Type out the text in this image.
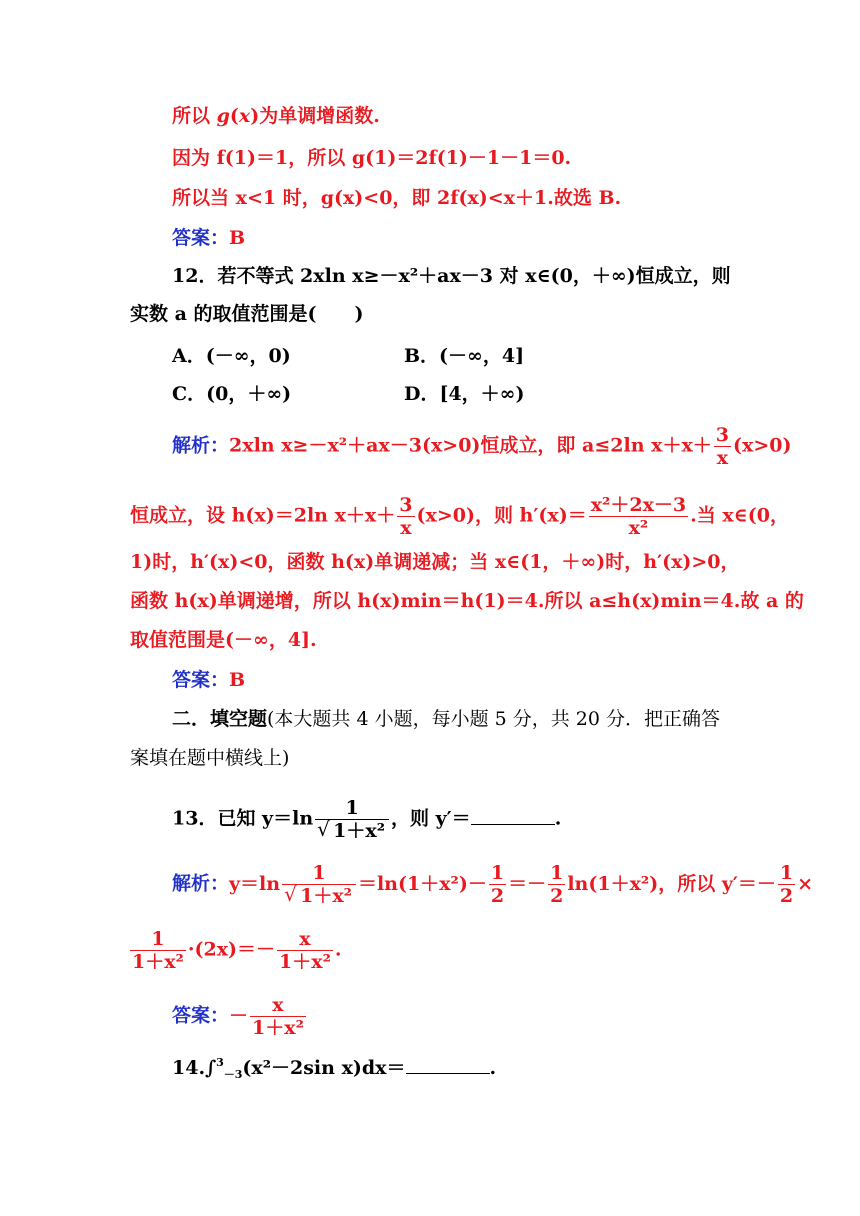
所以 g(x)为单调增函数.
因为 f(1)＝1，所以 g(1)＝2f(1)－1－1＝0.
所以当 x<1 时，g(x)<0，即 2f(x)<x＋1.故选 B.
答案：B
12．若不等式 2xln x≥－x²＋ax－3 对 x∈(0，＋∞)恒成立，则
实数 a 的取值范围是(　　)
A．(－∞，0)	B．(－∞，4]
C．(0，＋∞)	D．[4，＋∞)
解析：2xln x≥－x²＋ax－3(x>0)恒成立，即 a≤2ln $x+x+ \frac{3}{x} (x>0)$
恒成立，设 h(x)＝2ln $x+x+ \frac{3}{x} (x>0)$，则 $h'(x)= \frac{\text{x²＋2x－3}}{\text{x²}}$ .当 x∈(0，
1)时，h′(x)<0，函数 h(x)单调递减；当 x∈(1，＋∞)时，h′(x)>0，
函数 h(x)单调递增，所以 h(x)min＝h(1)＝4.所以 a≤h(x)min＝4.故 a 的
取值范围是(－∞，4].
答案：B
二．填空题(本大题共 4 小题，每小题 5 分，共 20 分．把正确答
案填在题中横线上)
13．已知 y＝ln 1
√ 1＋x² ，则 y′＝	.
解析：y＝ln 1
√ $1+x^2 =\ln(1+x^2)- \frac{1}{2} =- \frac{1}{2} \ln(1+x^2)$，所以 $y'=- \frac{1}{2}$ ×
$\frac{1}{\text{1＋x²}} \cdot(2x)=- \frac{x}{\text{1＋x²}}$ .
答案：－ $\frac{x}{\text{1＋x²}}$
14.∫$^3_{-3}$(x²－2sin x)dx＝	.
